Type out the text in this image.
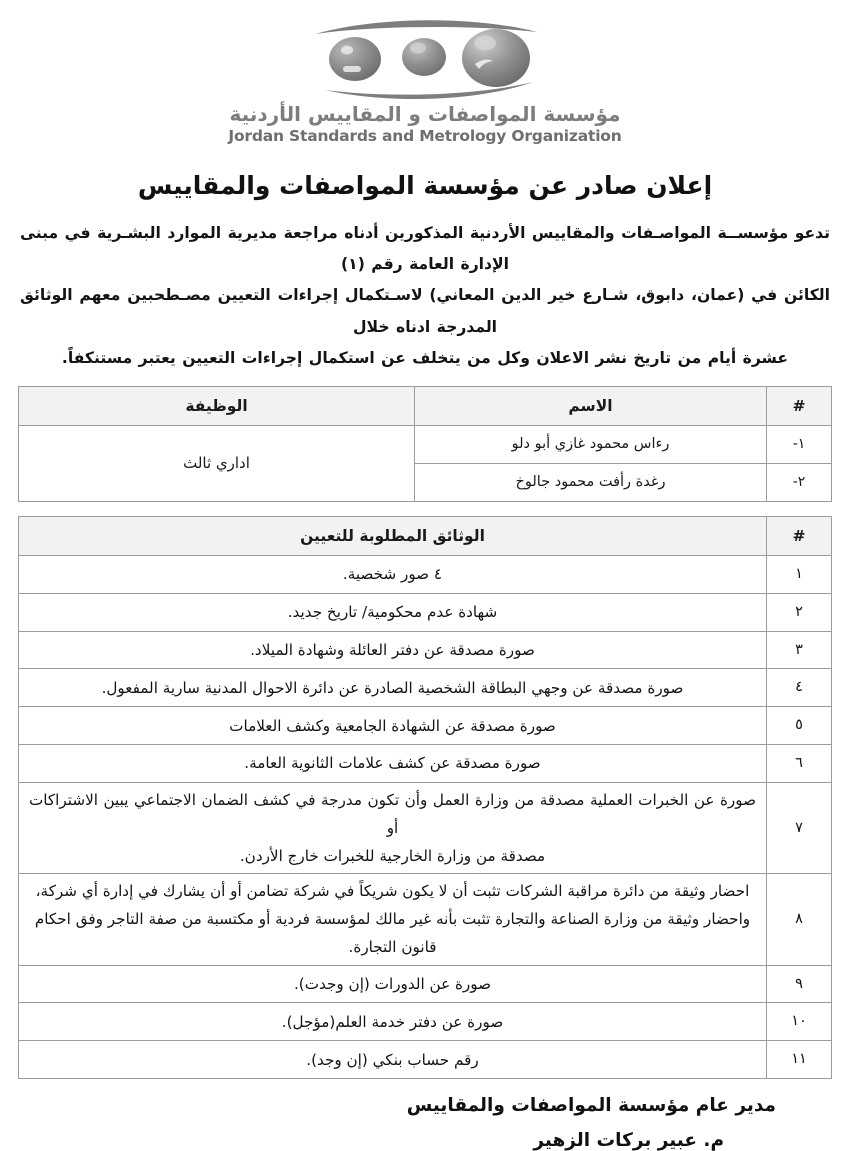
مؤسسة المواصفات و المقاييس الأردنية
Jordan Standards and Metrology Organization
إعلان صادر عن مؤسسة المواصفات والمقاييس
تدعو مؤسســة المواصـفات والمقاييس الأردنية المذكورين أدناه مراجعة مديرية الموارد البشـرية في مبنى الإدارة العامة رقم (١)
الكائن في (عمان، دابوق، شـارع خير الدين المعاني) لاسـتكمال إجراءات التعيين مصـطحبين معهم الوثائق المدرجة ادناه خلال
عشرة أيام من تاريخ نشر الاعلان وكل من يتخلف عن استكمال إجراءات التعيين يعتبر مستنكفاً.
#	الاسم	الوظيفة
١-	رءاس محمود غازي أبو دلو	اداري ثالث
٢-	رغدة رأفت محمود جالوخ	
#	الوثائق المطلوبة للتعيين
١	٤ صور شخصية.
٢	شهادة عدم محكومية/ تاريخ جديد.
٣	صورة مصدقة عن دفتر العائلة وشهادة الميلاد.
٤	صورة مصدقة عن وجهي البطاقة الشخصية الصادرة عن دائرة الاحوال المدنية سارية المفعول.
٥	صورة مصدقة عن الشهادة الجامعية وكشف العلامات
٦	صورة مصدقة عن كشف علامات الثانوية العامة.
٧	صورة عن الخبرات العملية مصدقة من وزارة العمل وأن تكون مدرجة في كشف الضمان الاجتماعي يبين الاشتراكات أو
مصدقة من وزارة الخارجية للخبرات خارج الأردن.

٨	احضار وثيقة من دائرة مراقبة الشركات تثبت أن لا يكون شريكاً في شركة تضامن أو أن يشارك في إدارة أي شركة،
واحضار وثيقة من وزارة الصناعة والتجارة تثبت بأنه غير مالك لمؤسسة فردية أو مكتسبة من صفة التاجر وفق احكام
قانون التجارة.

٩	صورة عن الدورات (إن وجدت).
١٠	صورة عن دفتر خدمة العلم(مؤجل).
١١	رقم حساب بنكي (إن وجد).
مدير عام مؤسسة المواصفات والمقاييس
م. عبير بركات الزهير
